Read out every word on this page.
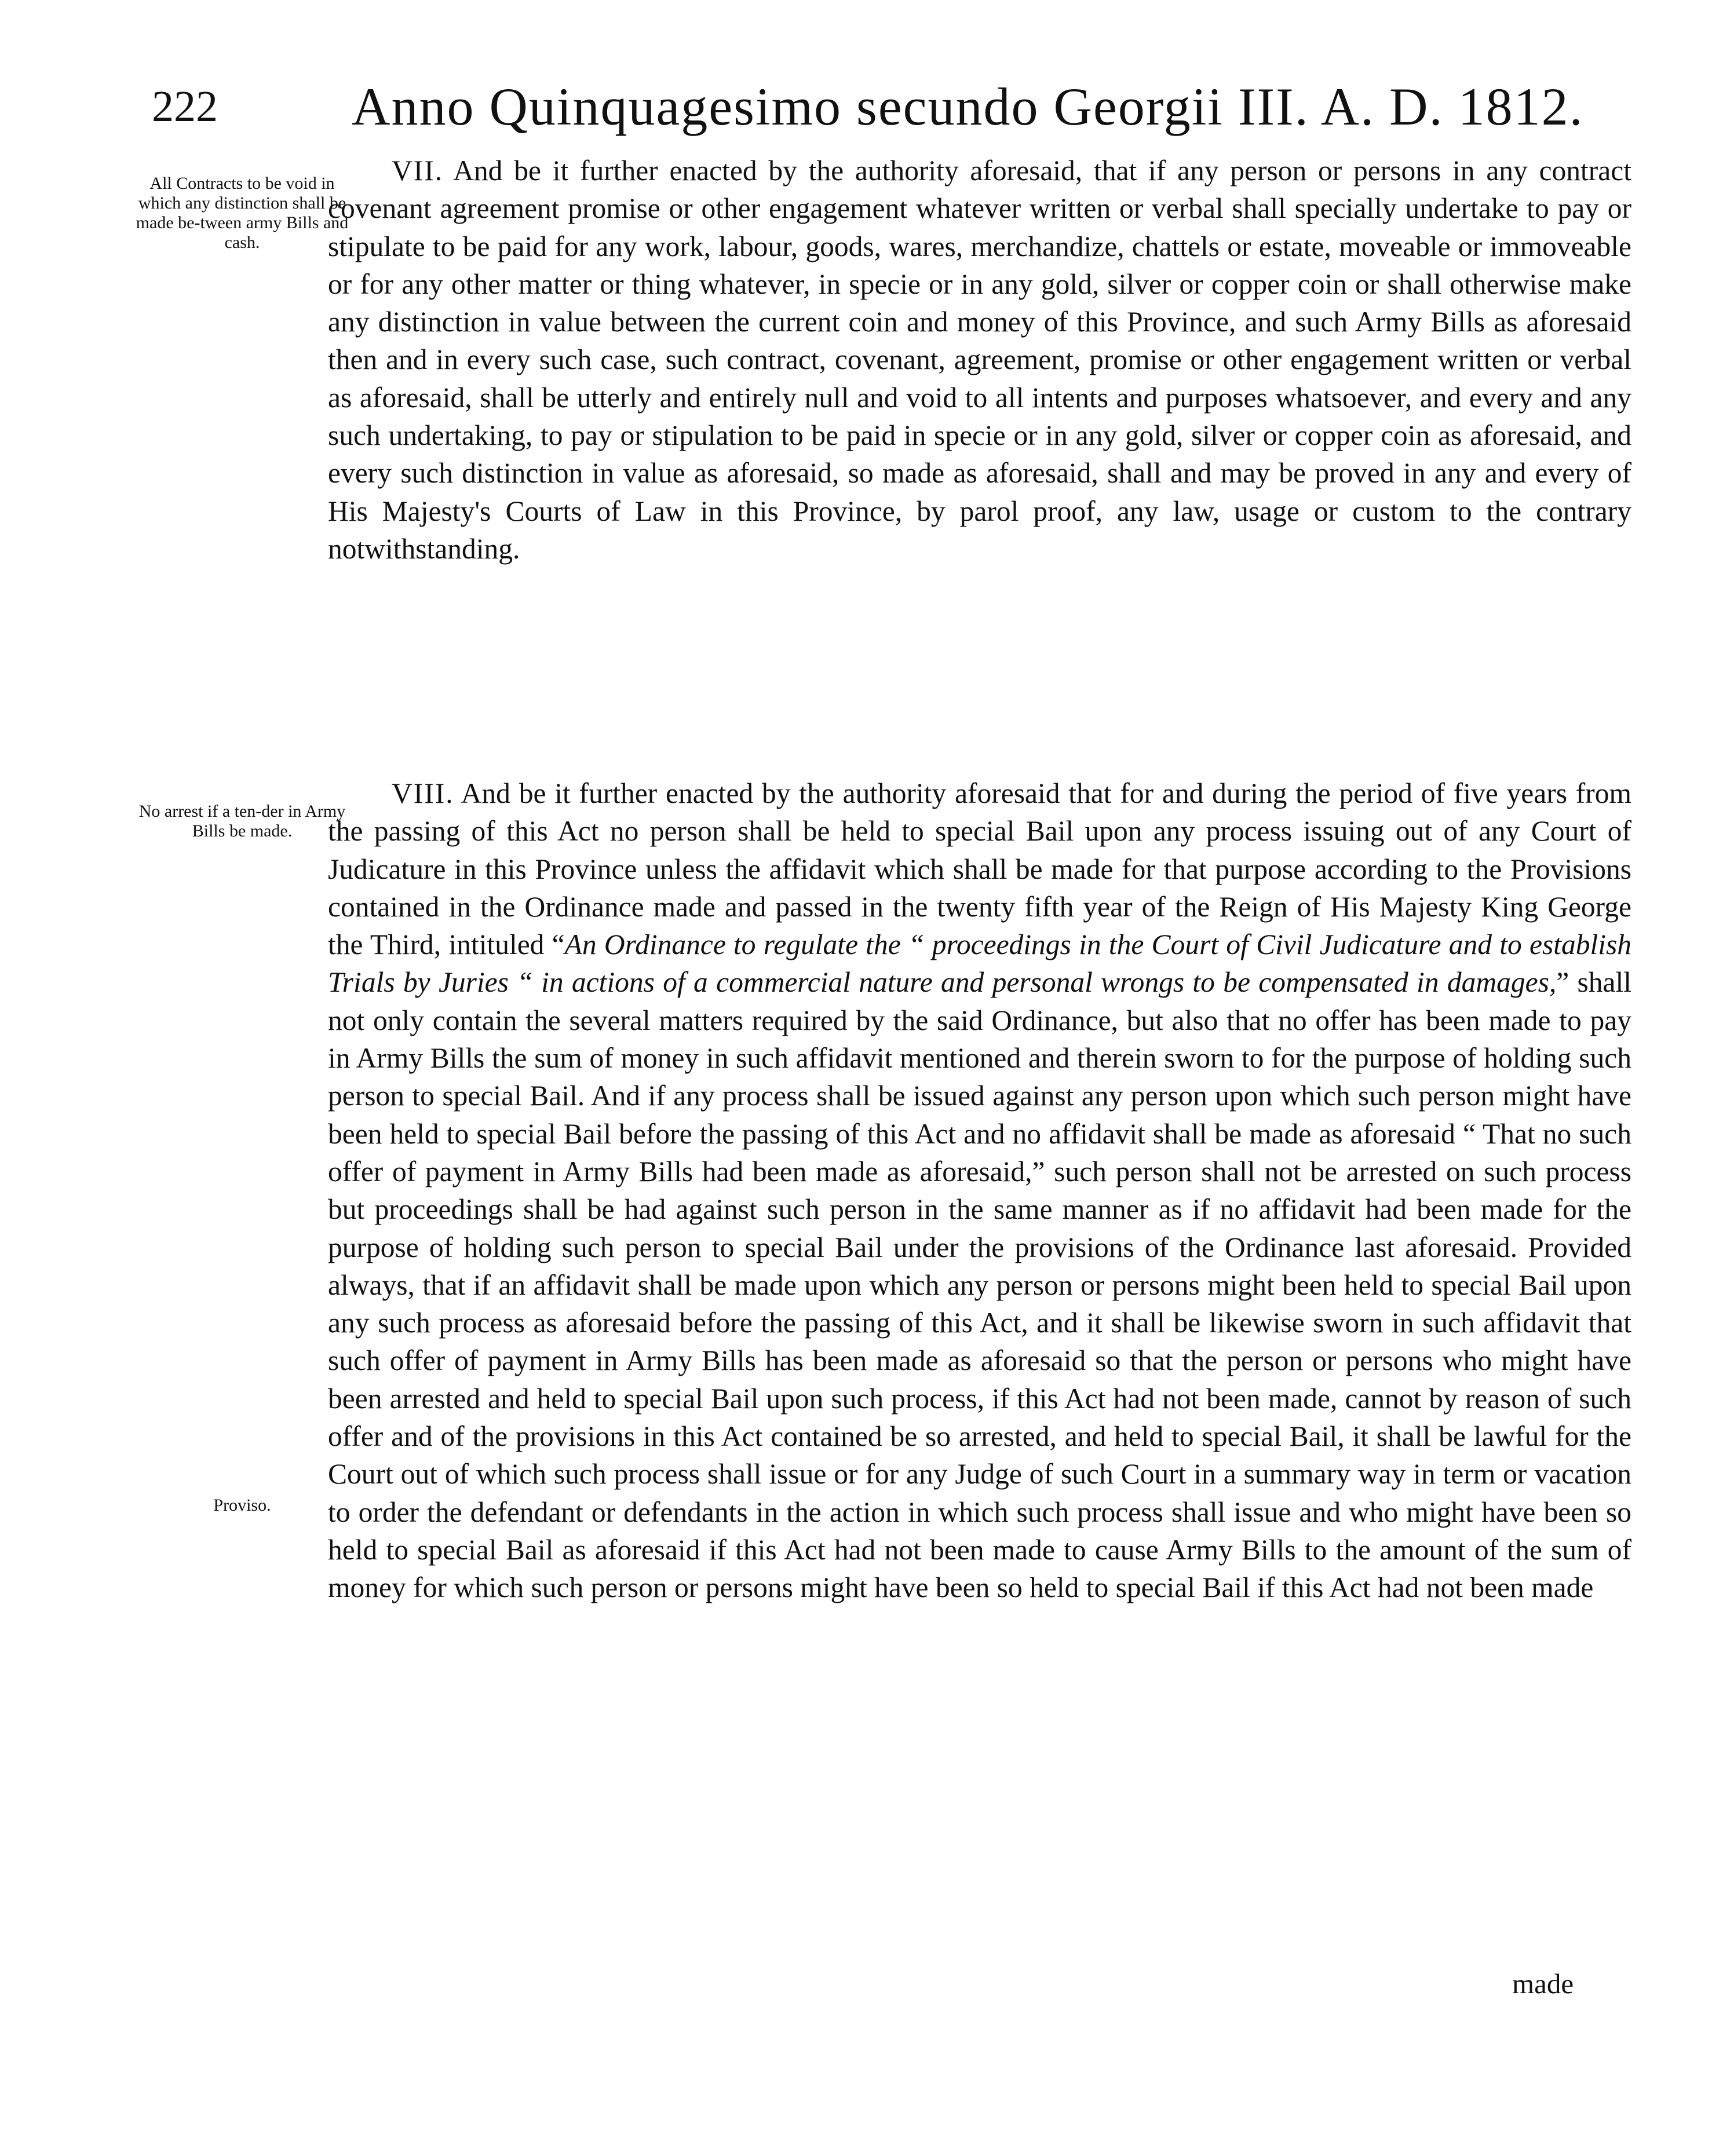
222	Anno Quinquagesimo secundo Georgii III. A. D. 1812.
All Contracts to be void in which any distinction shall be made be-tween army Bills and cash.
No arrest if a ten-der in Army Bills be made.
Proviso.

VII. And be it further enacted by the authority aforesaid, that if any person or persons in any contract covenant agreement promise or other engagement whatever written or verbal shall specially undertake to pay or stipulate to be paid for any work, labour, goods, wares, merchandize, chattels or estate, moveable or immoveable or for any other matter or thing whatever, in specie or in any gold, silver or copper coin or shall otherwise make any distinction in value between the current coin and money of this Province, and such Army Bills as aforesaid then and in every such case, such contract, covenant, agreement, promise or other engagement written or verbal as aforesaid, shall be utterly and entirely null and void to all intents and purposes whatsoever, and every and any such undertaking, to pay or stipulation to be paid in specie or in any gold, silver or copper coin as aforesaid, and every such distinction in value as aforesaid, so made as aforesaid, shall and may be proved in any and every of His Majesty's Courts of Law in this Province, by parol proof, any law, usage or custom to the contrary notwithstanding.

VIII. And be it further enacted by the authority aforesaid that for and during the period of five years from the passing of this Act no person shall be held to special Bail upon any process issuing out of any Court of Judicature in this Province unless the affidavit which shall be made for that purpose according to the Provisions contained in the Ordinance made and passed in the twenty fifth year of the Reign of His Majesty King George the Third, intituled “An Ordinance to regulate the “ proceedings in the Court of Civil Judicature and to establish Trials by Juries “ in actions of a commercial nature and personal wrongs to be compensated in damages,” shall not only contain the several matters required by the said Ordinance, but also that no offer has been made to pay in Army Bills the sum of money in such affidavit mentioned and therein sworn to for the purpose of holding such person to special Bail. And if any process shall be issued against any person upon which such person might have been held to special Bail before the passing of this Act and no affidavit shall be made as aforesaid “ That no such offer of payment in Army Bills had been made as aforesaid,” such person shall not be arrested on such process but proceedings shall be had against such person in the same manner as if no affidavit had been made for the purpose of holding such person to special Bail under the provisions of the Ordinance last aforesaid. Provided always, that if an affidavit shall be made upon which any person or persons might been held to special Bail upon any such process as aforesaid before the passing of this Act, and it shall be likewise sworn in such affidavit that such offer of payment in Army Bills has been made as aforesaid so that the person or persons who might have been arrested and held to special Bail upon such process, if this Act had not been made, cannot by reason of such offer and of the provisions in this Act contained be so arrested, and held to special Bail, it shall be lawful for the Court out of which such process shall issue or for any Judge of such Court in a summary way in term or vacation to order the defendant or defendants in the action in which such process shall issue and who might have been so held to special Bail as aforesaid if this Act had not been made to cause Army Bills to the amount of the sum of money for which such person or persons might have been so held to special Bail if this Act had not been made

made
